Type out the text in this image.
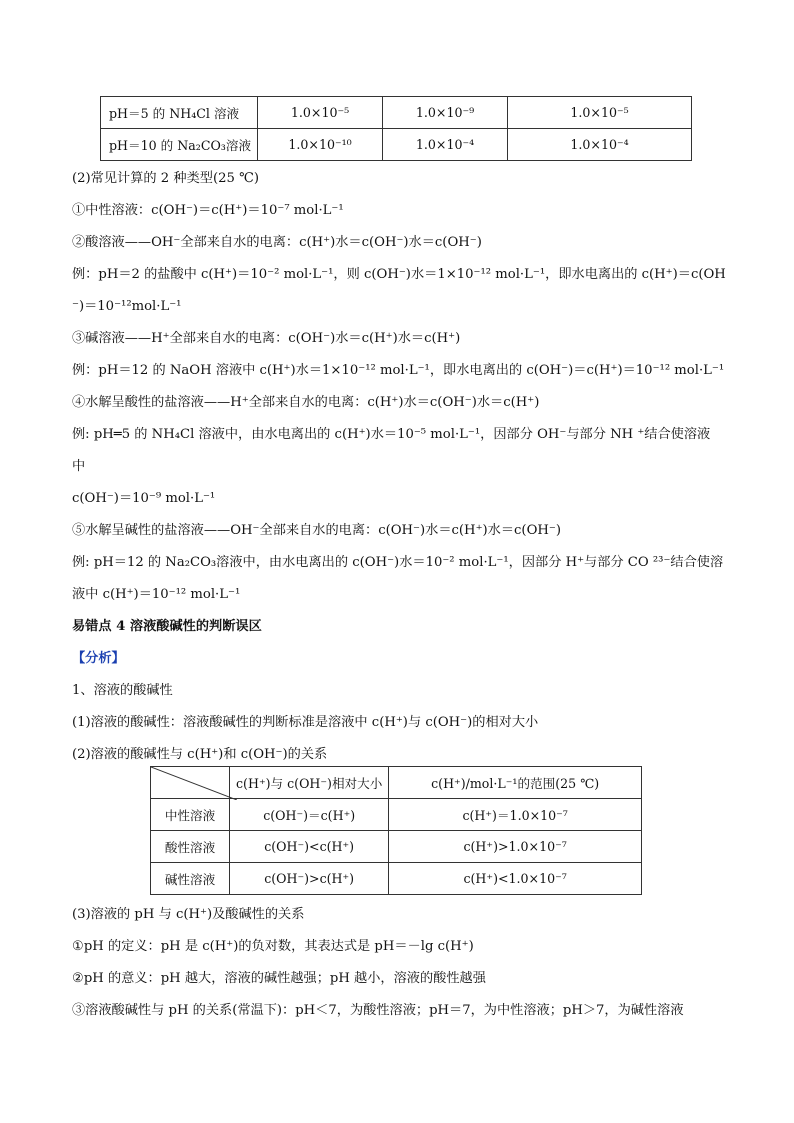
pH＝5 的 NH₄Cl 溶液	1.0×10⁻⁵	1.0×10⁻⁹	1.0×10⁻⁵
pH＝10 的 Na₂CO₃溶液	1.0×10⁻¹⁰	1.0×10⁻⁴	1.0×10⁻⁴
(2)常见计算的 2 种类型(25 ℃)
①中性溶液：c(OH⁻)＝c(H⁺)＝10⁻⁷ mol·L⁻¹
②酸溶液——OH⁻全部来自水的电离：c(H⁺)水＝c(OH⁻)水＝c(OH⁻)
例：pH＝2 的盐酸中 c(H⁺)＝10⁻² mol·L⁻¹，则 c(OH⁻)水＝1×10⁻¹² mol·L⁻¹，即水电离出的 c(H⁺)＝c(OH
⁻)＝10⁻¹²mol·L⁻¹
③碱溶液——H⁺全部来自水的电离：c(OH⁻)水＝c(H⁺)水＝c(H⁺)
例：pH＝12 的 NaOH 溶液中 c(H⁺)水＝1×10⁻¹² mol·L⁻¹，即水电离出的 c(OH⁻)＝c(H⁺)＝10⁻¹² mol·L⁻¹
④水解呈酸性的盐溶液——H⁺全部来自水的电离：c(H⁺)水＝c(OH⁻)水＝c(H⁺)
例: pH═5 的 NH₄Cl 溶液中，由水电离出的 c(H⁺)水＝10⁻⁵ mol·L⁻¹，因部分 OH⁻与部分 NH ⁺结合使溶液
中
c(OH⁻)＝10⁻⁹ mol·L⁻¹
⑤水解呈碱性的盐溶液——OH⁻全部来自水的电离：c(OH⁻)水＝c(H⁺)水＝c(OH⁻)
例: pH＝12 的 Na₂CO₃溶液中，由水电离出的 c(OH⁻)水＝10⁻² mol·L⁻¹，因部分 H⁺与部分 CO ²³⁻结合使溶
液中 c(H⁺)＝10⁻¹² mol·L⁻¹
易错点 4 溶液酸碱性的判断误区
【分析】
1、溶液的酸碱性
(1)溶液的酸碱性：溶液酸碱性的判断标准是溶液中 c(H⁺)与 c(OH⁻)的相对大小
(2)溶液的酸碱性与 c(H⁺)和 c(OH⁻)的关系
	c(H⁺)与 c(OH⁻)相对大小	c(H⁺)/mol·L⁻¹的范围(25 ℃)
中性溶液	c(OH⁻)＝c(H⁺)	c(H⁺)＝1.0×10⁻⁷
酸性溶液	c(OH⁻)<c(H⁺)	c(H⁺)>1.0×10⁻⁷
碱性溶液	c(OH⁻)>c(H⁺)	c(H⁺)<1.0×10⁻⁷
(3)溶液的 pH 与 c(H⁺)及酸碱性的关系
①pH 的定义：pH 是 c(H⁺)的负对数，其表达式是 pH＝－lg c(H⁺)
②pH 的意义：pH 越大，溶液的碱性越强；pH 越小，溶液的酸性越强
③溶液酸碱性与 pH 的关系(常温下)：pH＜7，为酸性溶液；pH＝7，为中性溶液；pH＞7，为碱性溶液
